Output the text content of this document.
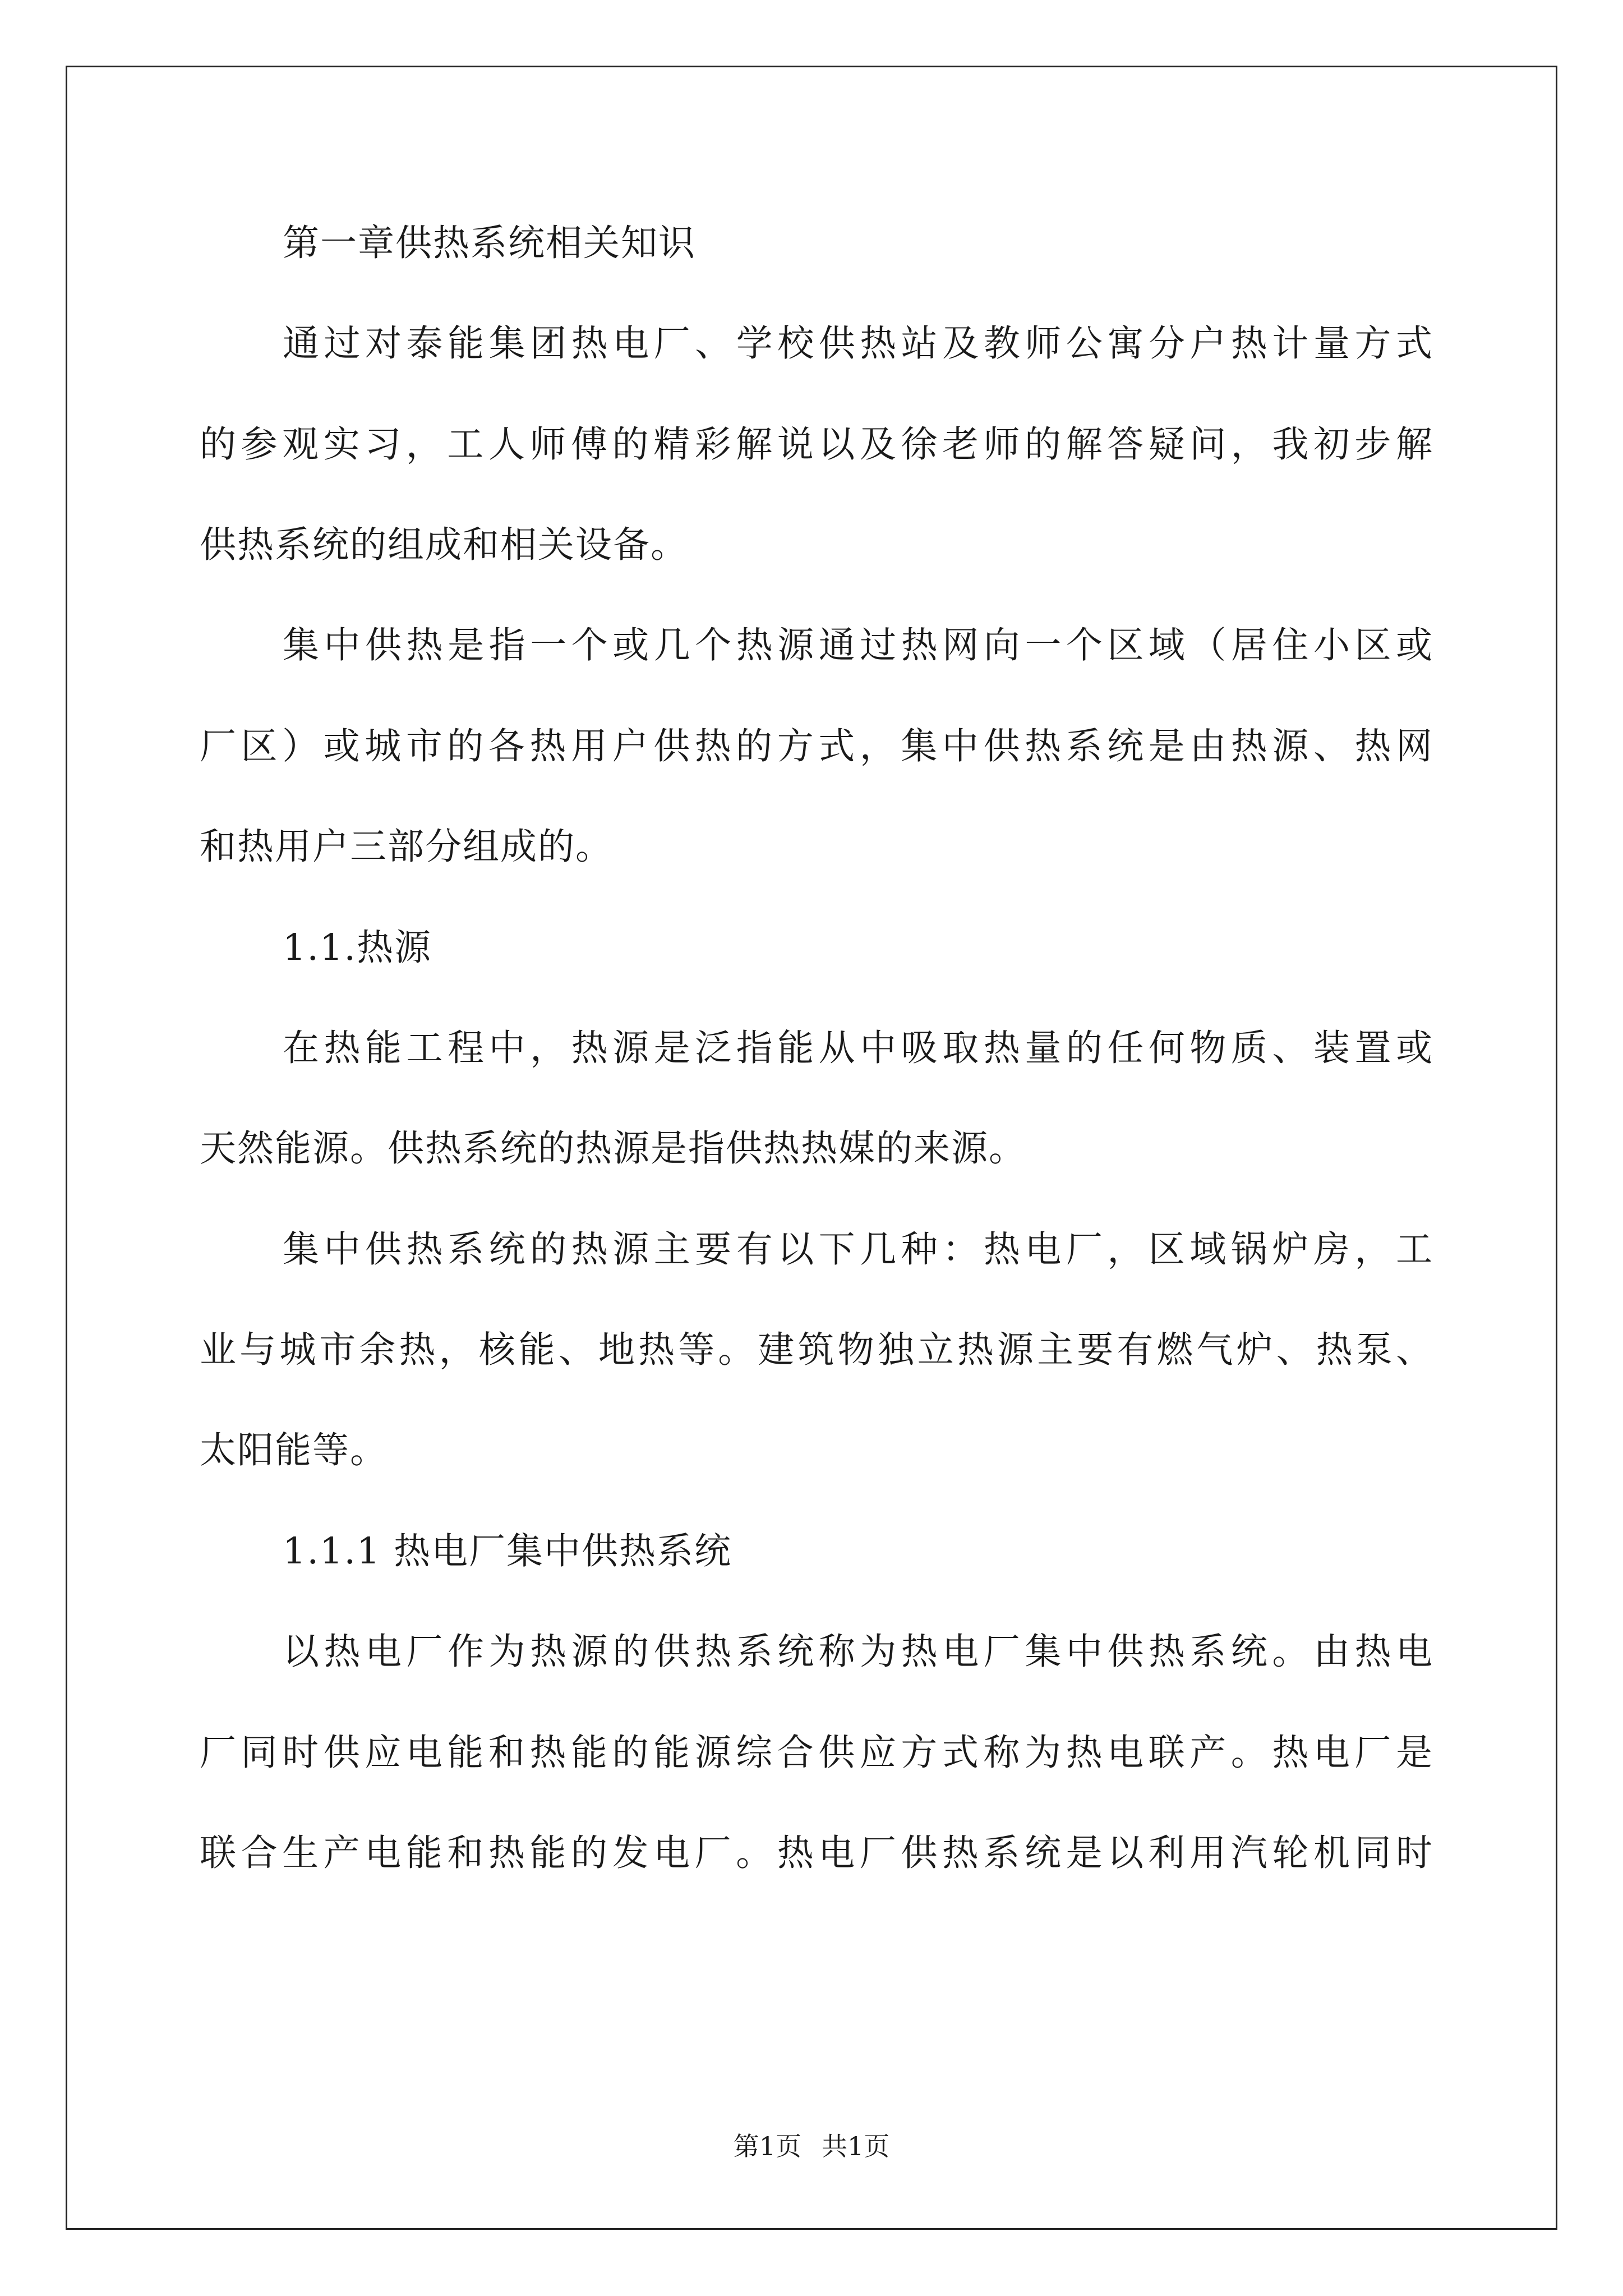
第一章供热系统相关知识
通过对泰能集团热电厂、学校供热站及教师公寓分户热计量方式
的参观实习，工人师傅的精彩解说以及徐老师的解答疑问，我初步解
供热系统的组成和相关设备。
集中供热是指一个或几个热源通过热网向一个区域（居住小区或
厂区）或城市的各热用户供热的方式，集中供热系统是由热源、热网
和热用户三部分组成的。
1.1.热源
在热能工程中，热源是泛指能从中吸取热量的任何物质、装置或
天然能源。供热系统的热源是指供热热媒的来源。
集中供热系统的热源主要有以下几种：热电厂，区域锅炉房，工
业与城市余热，核能、地热等。建筑物独立热源主要有燃气炉、热泵、
太阳能等。
1.1.1 热电厂集中供热系统
以热电厂作为热源的供热系统称为热电厂集中供热系统。由热电
厂同时供应电能和热能的能源综合供应方式称为热电联产。热电厂是
联合生产电能和热能的发电厂。热电厂供热系统是以利用汽轮机同时
第1页 共1页
